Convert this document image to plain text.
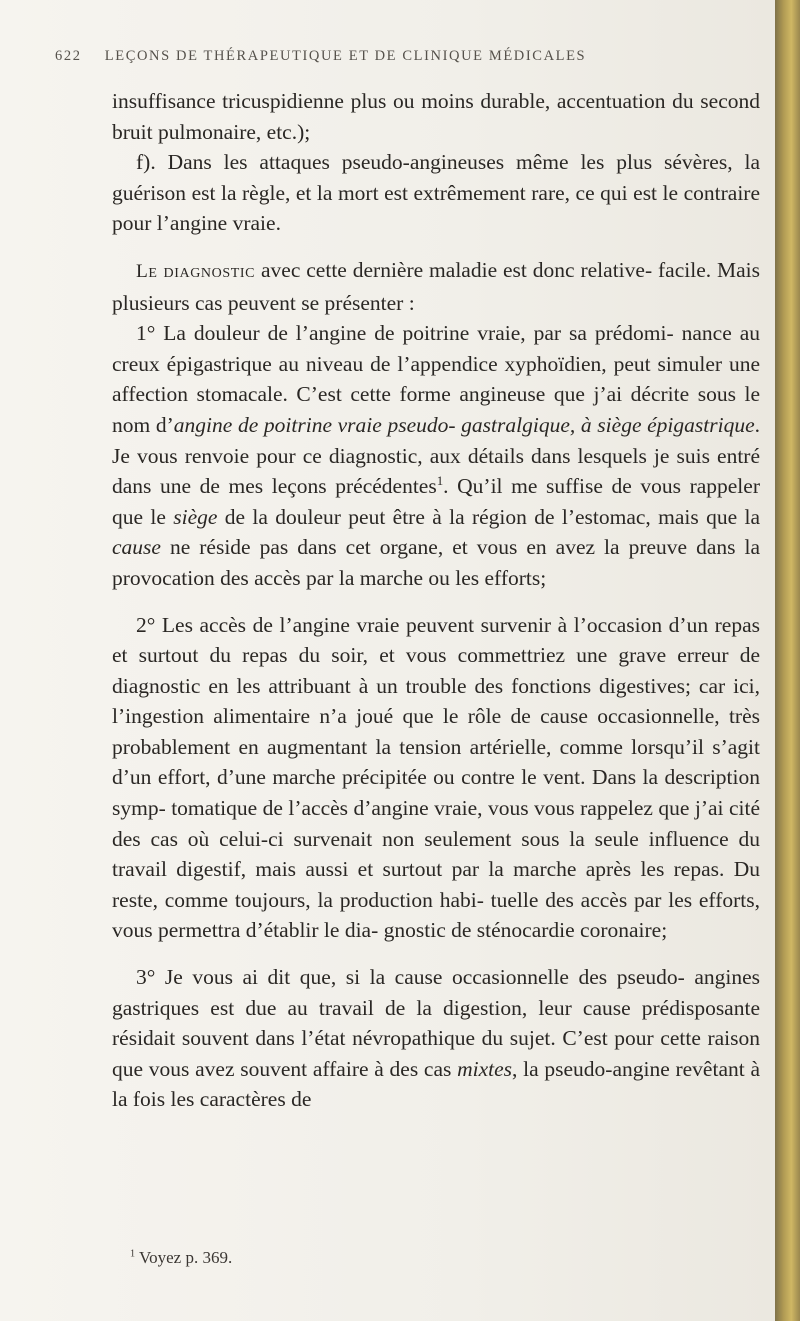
622 LEÇONS DE THÉRAPEUTIQUE ET DE CLINIQUE MÉDICALES

insuffisance tricuspidienne plus ou moins durable, accentuation du second bruit pulmonaire, etc.);

f). Dans les attaques pseudo-angineuses même les plus sévères, la guérison est la règle, et la mort est extrêmement rare, ce qui est le contraire pour l’angine vraie.

Le diagnostic avec cette dernière maladie est donc relative- facile. Mais plusieurs cas peuvent se présenter :

1° La douleur de l’angine de poitrine vraie, par sa prédomi- nance au creux épigastrique au niveau de l’appendice xyphoïdien, peut simuler une affection stomacale. C’est cette forme angineuse que j’ai décrite sous le nom d’angine de poitrine vraie pseudo- gastralgique, à siège épigastrique. Je vous renvoie pour ce diagnostic, aux détails dans lesquels je suis entré dans une de mes leçons précédentes$^1$. Qu’il me suffise de vous rappeler que le siège de la douleur peut être à la région de l’estomac, mais que la cause ne réside pas dans cet organe, et vous en avez la preuve dans la provocation des accès par la marche ou les efforts;

2° Les accès de l’angine vraie peuvent survenir à l’occasion d’un repas et surtout du repas du soir, et vous commettriez une grave erreur de diagnostic en les attribuant à un trouble des fonctions digestives; car ici, l’ingestion alimentaire n’a joué que le rôle de cause occasionnelle, très probablement en augmentant la tension artérielle, comme lorsqu’il s’agit d’un effort, d’une marche précipitée ou contre le vent. Dans la description symp- tomatique de l’accès d’angine vraie, vous vous rappelez que j’ai cité des cas où celui-ci survenait non seulement sous la seule influence du travail digestif, mais aussi et surtout par la marche après les repas. Du reste, comme toujours, la production habi- tuelle des accès par les efforts, vous permettra d’établir le dia- gnostic de sténocardie coronaire;

3° Je vous ai dit que, si la cause occasionnelle des pseudo- angines gastriques est due au travail de la digestion, leur cause prédisposante résidait souvent dans l’état névropathique du sujet. C’est pour cette raison que vous avez souvent affaire à des cas mixtes, la pseudo-angine revêtant à la fois les caractères de

$^1$ Voyez p. 369.
